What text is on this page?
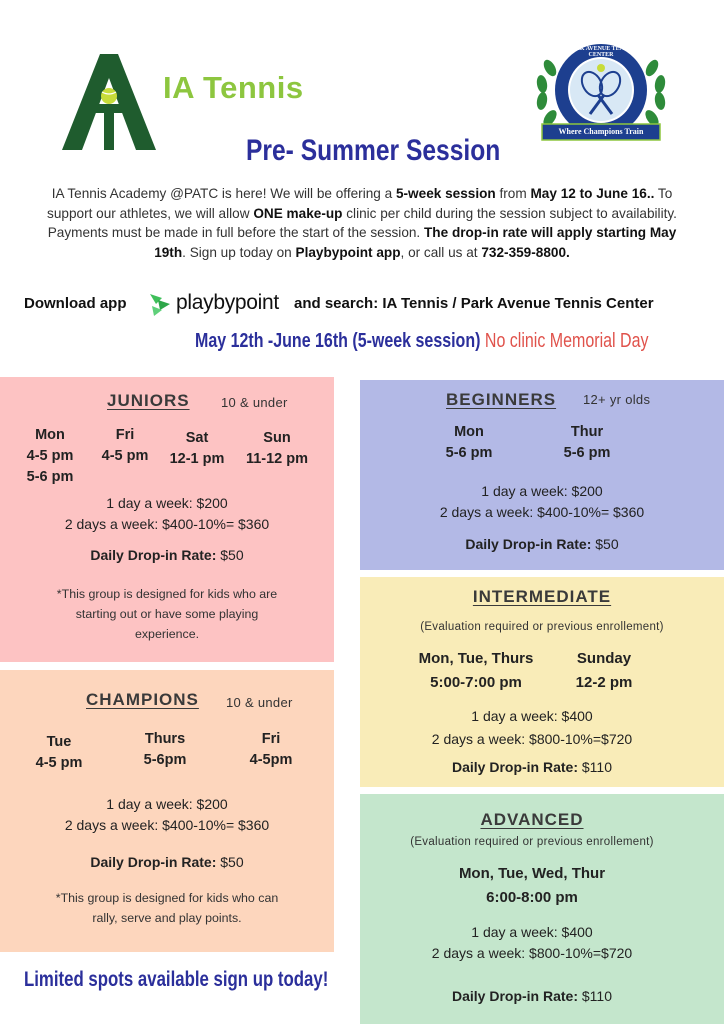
IA Tennis
Where Champions Train
PARK AVENUE TENNIS CENTER
Pre- Summer Session
IA Tennis Academy @PATC is here! We will be offering a 5-week session from May 12 to June 16.. To support our athletes, we will allow ONE make-up clinic per child during the session subject to availability. Payments must be made in full before the start of the session. The drop-in rate will apply starting May 19th. Sign up today on Playbypoint app, or call us at 732-359-8800.
Download app playbypoint and search: IA Tennis / Park Avenue Tennis Center
May 12th -June 16th (5-week session) No clinic Memorial Day
JUNIORS 10 & under
Mon
4-5 pm
5-6 pm
Fri
4-5 pm
Sat
12-1 pm
Sun
11-12 pm
1 day a week: $200
2 days a week: $400-10%= $360
Daily Drop-in Rate: $50
*This group is designed for kids who are
starting out or have some playing
experience.
CHAMPIONS 10 & under
Tue
4-5 pm
Thurs
5-6pm
Fri
4-5pm
1 day a week: $200
2 days a week: $400-10%= $360
Daily Drop-in Rate: $50
*This group is designed for kids who can
rally, serve and play points.
BEGINNERS 12+ yr olds
Mon
5-6 pm
Thur
5-6 pm
1 day a week: $200
2 days a week: $400-10%= $360
Daily Drop-in Rate: $50
INTERMEDIATE
(Evaluation required or previous enrollement)
Mon, Tue, Thurs
5:00-7:00 pm
Sunday
12-2 pm
1 day a week: $400
2 days a week: $800-10%=$720
Daily Drop-in Rate: $110
ADVANCED
(Evaluation required or previous enrollement)
Mon, Tue, Wed, Thur
6:00-8:00 pm
1 day a week: $400
2 days a week: $800-10%=$720
Daily Drop-in Rate: $110
Limited spots available sign up today!
